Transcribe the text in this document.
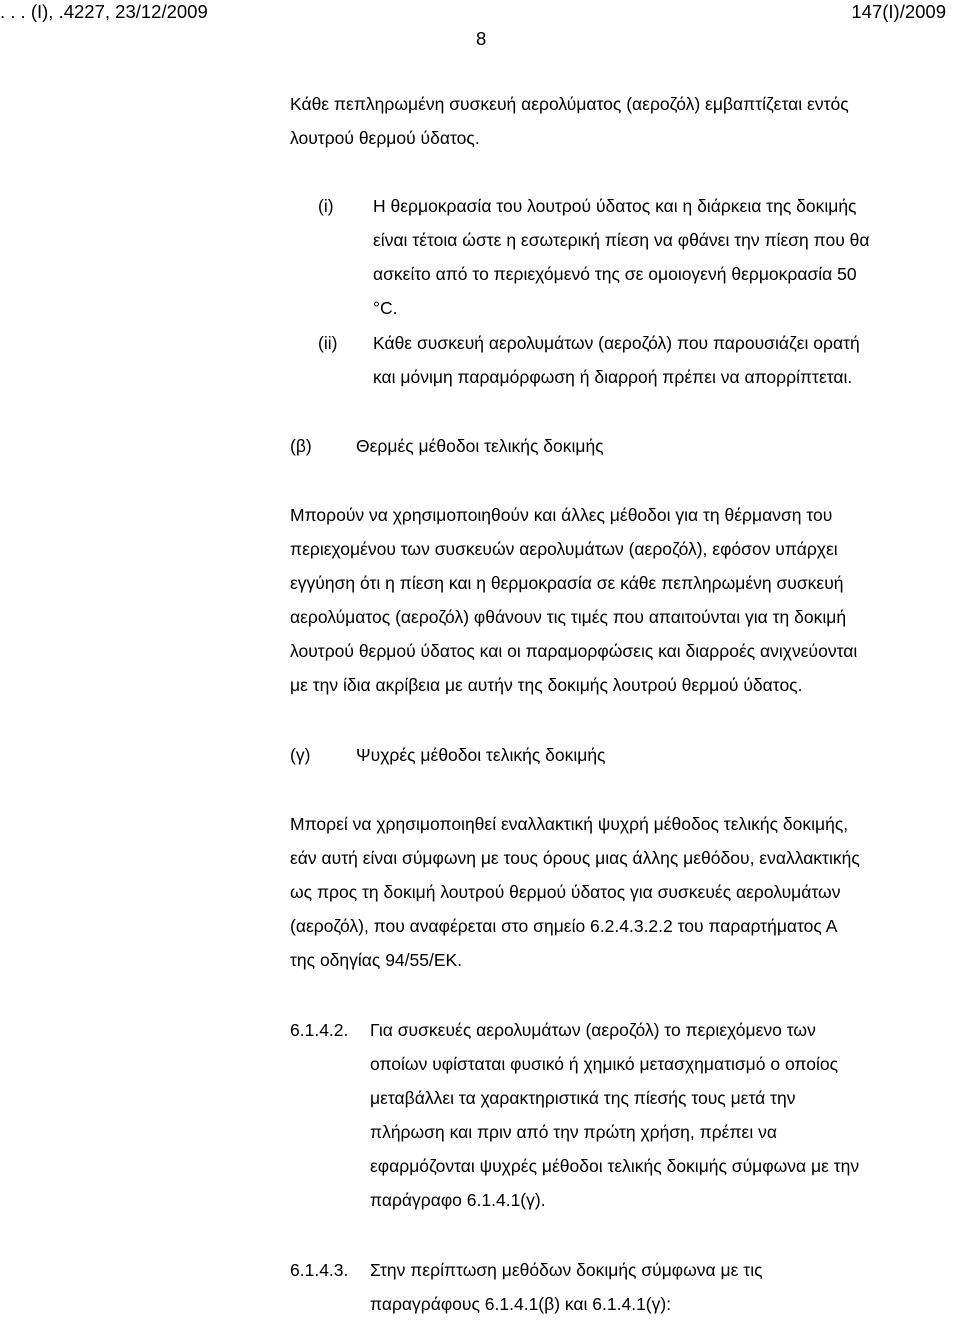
. . . (Ι), .4227, 23/12/2009	147(I)/2009
8
Κάθε πεπληρωμένη συσκευή αερολύματος (αεροζόλ) εμβαπτίζεται εντός
λουτρού θερμού ύδατος.
(i) Η θερμοκρασία του λουτρού ύδατος και η διάρκεια της δοκιμής
είναι τέτοια ώστε η εσωτερική πίεση να φθάνει την πίεση που θα
ασκείτο από το περιεχόμενό της σε ομοιογενή θερμοκρασία 50
°C.
(ii) Κάθε συσκευή αερολυμάτων (αεροζόλ) που παρουσιάζει ορατή
και μόνιμη παραμόρφωση ή διαρροή πρέπει να απορρίπτεται.
(β)	Θερμές μέθοδοι τελικής δοκιμής
Μπορούν να χρησιμοποιηθούν και άλλες μέθοδοι για τη θέρμανση του
περιεχομένου των συσκευών αερολυμάτων (αεροζόλ), εφόσον υπάρχει
εγγύηση ότι η πίεση και η θερμοκρασία σε κάθε πεπληρωμένη συσκευή
αερολύματος (αεροζόλ) φθάνουν τις τιμές που απαιτούνται για τη δοκιμή
λουτρού θερμού ύδατος και οι παραμορφώσεις και διαρροές ανιχνεύονται
με την ίδια ακρίβεια με αυτήν της δοκιμής λουτρού θερμού ύδατος.
(γ)	Ψυχρές μέθοδοι τελικής δοκιμής
Μπορεί να χρησιμοποιηθεί εναλλακτική ψυχρή μέθοδος τελικής δοκιμής,
εάν αυτή είναι σύμφωνη με τους όρους μιας άλλης μεθόδου, εναλλακτικής
ως προς τη δοκιμή λουτρού θερμού ύδατος για συσκευές αερολυμάτων
(αεροζόλ), που αναφέρεται στο σημείο 6.2.4.3.2.2 του παραρτήματος Α
της οδηγίας 94/55/ΕΚ.
6.1.4.2. Για συσκευές αερολυμάτων (αεροζόλ) το περιεχόμενο των
οποίων υφίσταται φυσικό ή χημικό μετασχηματισμό ο οποίος
μεταβάλλει τα χαρακτηριστικά της πίεσής τους μετά την
πλήρωση και πριν από την πρώτη χρήση, πρέπει να
εφαρμόζονται ψυχρές μέθοδοι τελικής δοκιμής σύμφωνα με την
παράγραφο 6.1.4.1(γ).
6.1.4.3. Στην περίπτωση μεθόδων δοκιμής σύμφωνα με τις
παραγράφους 6.1.4.1(β) και 6.1.4.1(γ):
